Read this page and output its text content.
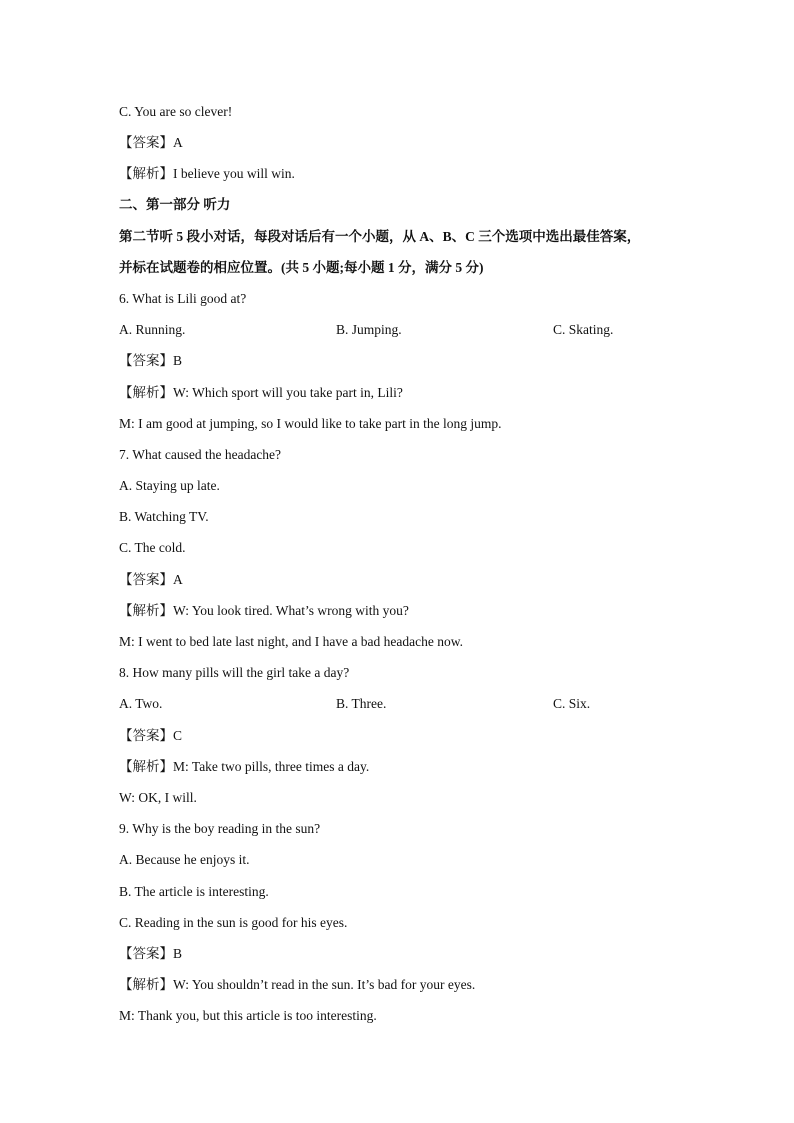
C. You are so clever!
【答案】A
【解析】I believe you will win.
二、第一部分 听力
第二节听 5 段小对话，每段对话后有一个小题，从 A、B、C 三个选项中选出最佳答案，
并标在试题卷的相应位置。(共 5 小题;每小题 1 分，满分 5 分)
6. What is Lili good at?
A. Running.	B. Jumping.	C. Skating.
【答案】B
【解析】W: Which sport will you take part in, Lili?
M: I am good at jumping, so I would like to take part in the long jump.
7. What caused the headache?
A. Staying up late.
B. Watching TV.
C. The cold.
【答案】A
【解析】W: You look tired. What’s wrong with you?
M: I went to bed late last night, and I have a bad headache now.
8. How many pills will the girl take a day?
A. Two.	B. Three.	C. Six.
【答案】C
【解析】M: Take two pills, three times a day.
W: OK, I will.
9. Why is the boy reading in the sun?
A. Because he enjoys it.
B. The article is interesting.
C. Reading in the sun is good for his eyes.
【答案】B
【解析】W: You shouldn’t read in the sun. It’s bad for your eyes.
M: Thank you, but this article is too interesting.
